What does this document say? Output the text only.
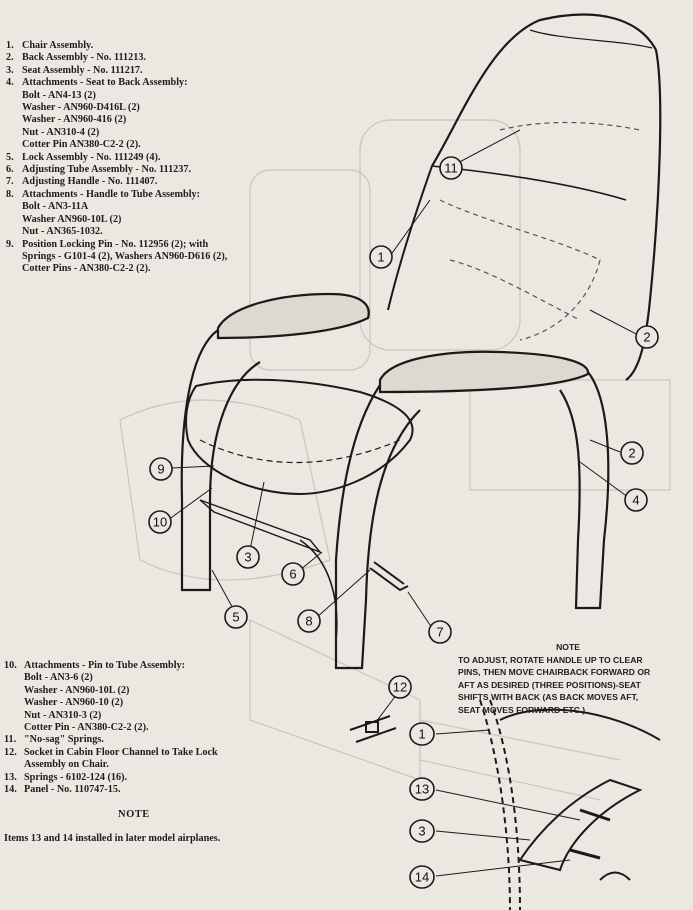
11
1
2
2
4
9
10
3
6
5	8
7
12
1
13
3
14
1. Chair Assembly.
2. Back Assembly - No. 111213.
3. Seat Assembly - No. 111217.
4. Attachments - Seat to Back Assembly:
Bolt - AN4-13 (2)
Washer - AN960-D416L (2)
Washer - AN960-416 (2)
Nut - AN310-4 (2)
Cotter Pin AN380-C2-2 (2).
5. Lock Assembly - No. 111249 (4).
6. Adjusting Tube Assembly - No. 111237.
7. Adjusting Handle - No. 111407.
8. Attachments - Handle to Tube Assembly:
Bolt - AN3-11A
Washer AN960-10L (2)
Nut - AN365-1032.
9. Position Locking Pin - No. 112956 (2); with
Springs - G101-4 (2), Washers AN960-D616 (2),
Cotter Pins - AN380-C2-2 (2).
10. Attachments - Pin to Tube Assembly:
Bolt - AN3-6 (2)
Washer - AN960-10L (2)
Washer - AN960-10 (2)
Nut - AN310-3 (2)
Cotter Pin - AN380-C2-2 (2).
11. "No-sag" Springs.
12. Socket in Cabin Floor Channel to Take Lock
Assembly on Chair.
13. Springs - 6102-124 (16).
14. Panel - No. 110747-15.
NOTE
Items 13 and 14 installed in later model airplanes.
NOTE
TO ADJUST, ROTATE HANDLE UP TO CLEAR
PINS, THEN MOVE CHAIRBACK FORWARD OR
AFT AS DESIRED (THREE POSITIONS)-SEAT
SHIFTS WITH BACK (AS BACK MOVES AFT,
SEAT MOVES FORWARD ETC.)
